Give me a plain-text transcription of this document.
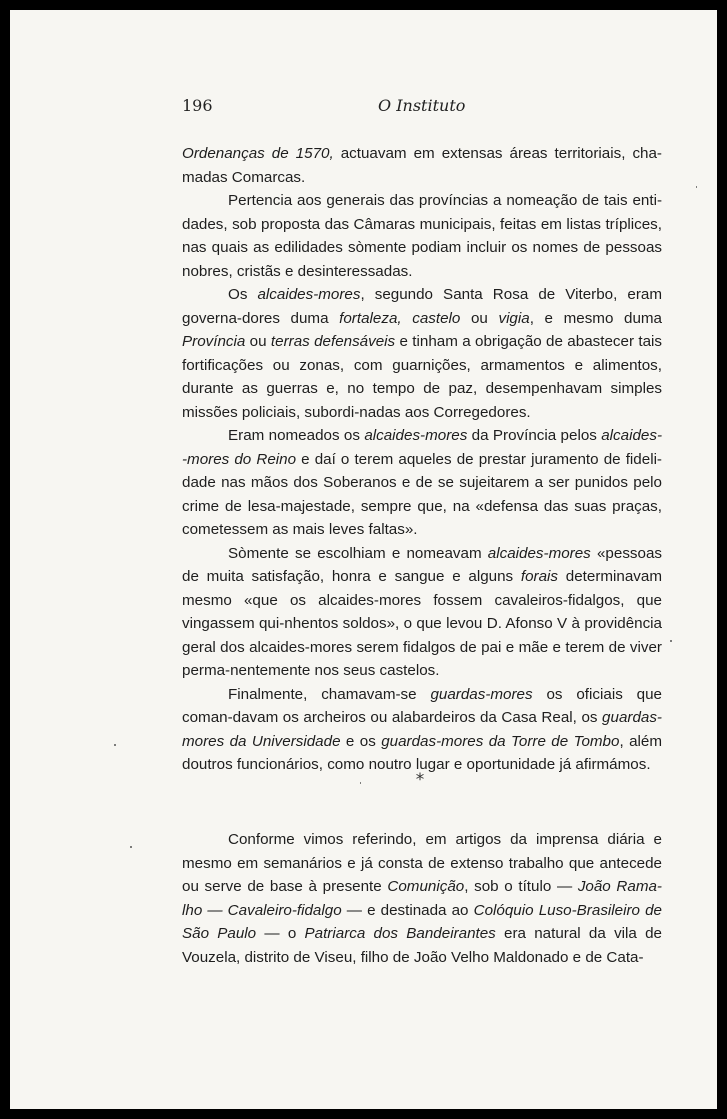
196	O Instituto

Ordenanças de 1570, actuavam em extensas áreas territoriais, cha-madas Comarcas.

Pertencia aos generais das províncias a nomeação de tais enti-dades, sob proposta das Câmaras municipais, feitas em listas tríplices, nas quais as edilidades sòmente podiam incluir os nomes de pessoas nobres, cristãs e desinteressadas.

Os alcaides-mores, segundo Santa Rosa de Viterbo, eram governa-dores duma fortaleza, castelo ou vigia, e mesmo duma Província ou terras defensáveis e tinham a obrigação de abastecer tais fortificações ou zonas, com guarnições, armamentos e alimentos, durante as guerras e, no tempo de paz, desempenhavam simples missões policiais, subordi-nadas aos Corregedores.

Eram nomeados os alcaides-mores da Província pelos alcaides--mores do Reino e daí o terem aqueles de prestar juramento de fideli-dade nas mãos dos Soberanos e de se sujeitarem a ser punidos pelo crime de lesa-majestade, sempre que, na «defensa das suas praças, cometessem as mais leves faltas».

Sòmente se escolhiam e nomeavam alcaides-mores «pessoas de muita satisfação, honra e sangue e alguns forais determinavam mesmo «que os alcaides-mores fossem cavaleiros-fidalgos, que vingassem qui-nhentos soldos», o que levou D. Afonso V à providência geral dos alcaides-mores serem fidalgos de pai e mãe e terem de viver perma-nentemente nos seus castelos.

Finalmente, chamavam-se guardas-mores os oficiais que coman-davam os archeiros ou alabardeiros da Casa Real, os guardas-mores da Universidade e os guardas-mores da Torre de Tombo, além doutros funcionários, como noutro lugar e oportunidade já afirmámos.

*

Conforme vimos referindo, em artigos da imprensa diária e mesmo em semanários e já consta de extenso trabalho que antecede ou serve de base à presente Comunição, sob o título — João Rama-lho — Cavaleiro-fidalgo — e destinada ao Colóquio Luso-Brasileiro de São Paulo — o Patriarca dos Bandeirantes era natural da vila de Vouzela, distrito de Viseu, filho de João Velho Maldonado e de Cata-
